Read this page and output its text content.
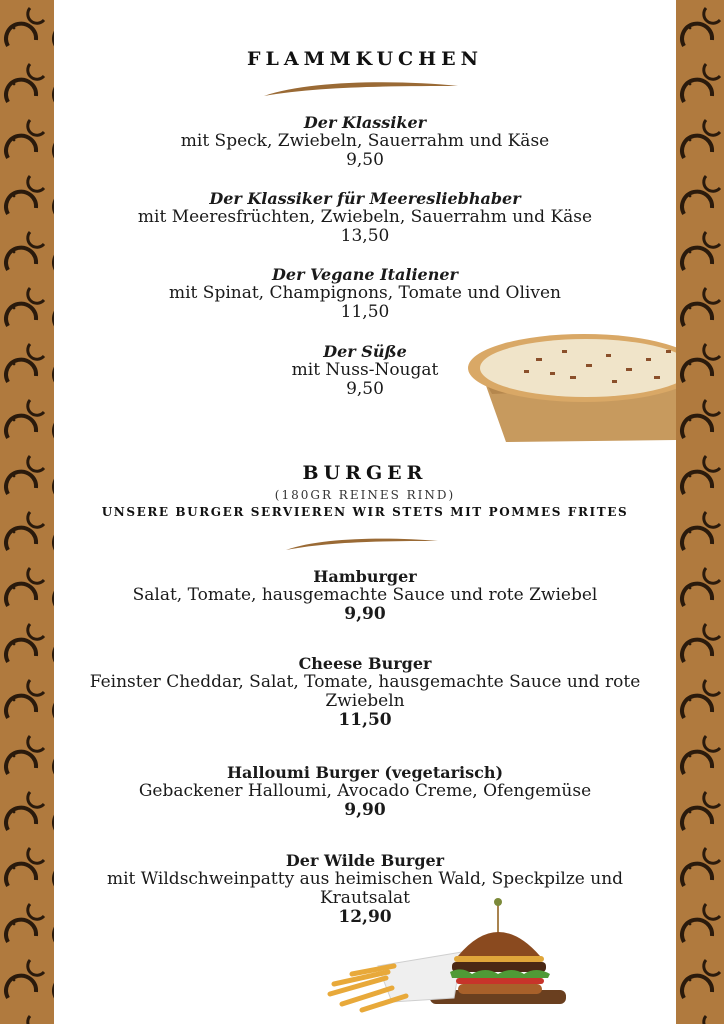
FLAMMKUCHEN
Der Klassiker
mit Speck, Zwiebeln, Sauerrahm und Käse
9,50
Der Klassiker für Meeresliebhaber
mit Meeresfrüchten, Zwiebeln, Sauerrahm und Käse
13,50
Der Vegane Italiener
mit Spinat, Champignons, Tomate und Oliven
11,50
Der Süße
mit Nuss-Nougat
9,50
BURGER
(180GR REINES RIND)
UNSERE BURGER SERVIEREN WIR STETS MIT POMMES FRITES
Hamburger
Salat, Tomate, hausgemachte Sauce und rote Zwiebel
9,90
Cheese Burger
Feinster Cheddar, Salat, Tomate, hausgemachte Sauce und rote
Zwiebeln
11,50
Halloumi Burger (vegetarisch)
Gebackener Halloumi, Avocado Creme, Ofengemüse
9,90
Der Wilde Burger
mit Wildschweinpatty aus heimischen Wald, Speckpilze und
Krautsalat
12,90
